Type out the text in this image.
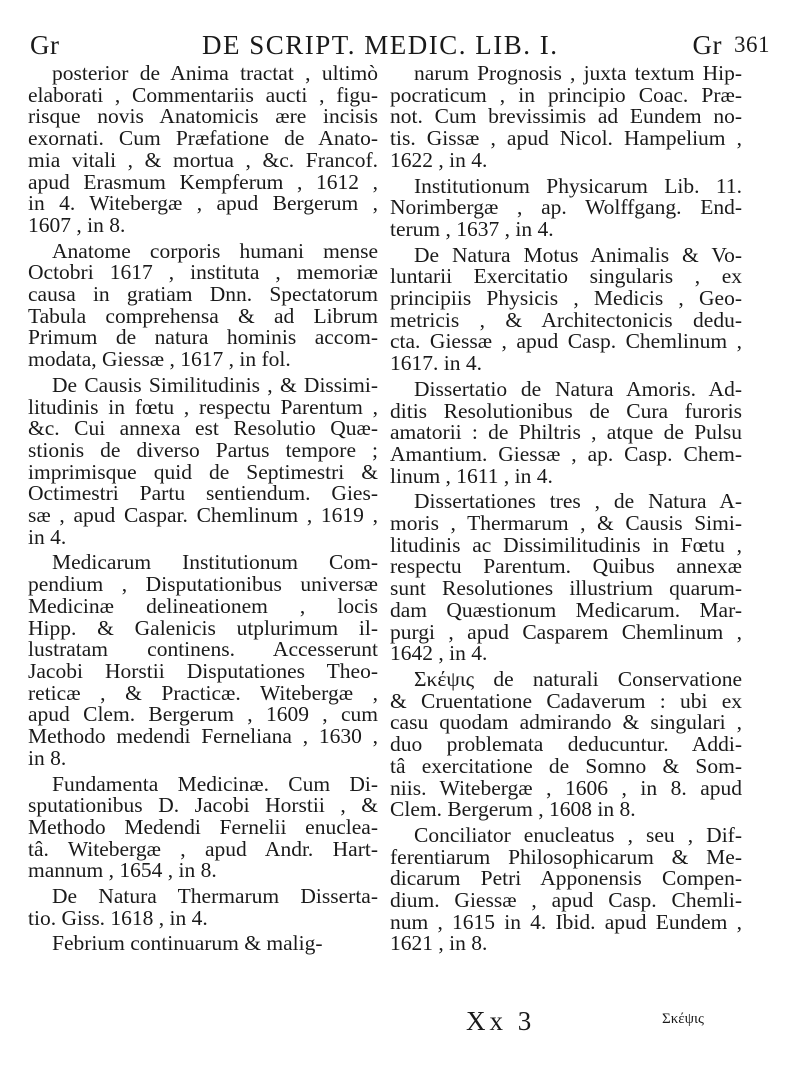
Gr	DE SCRIPT. MEDIC. LIB. I.	Gr 361
posterior de Anima tractat , ultimò
elaborati , Commentariis aucti , figu-
risque novis Anatomicis ære incisis
exornati. Cum Præfatione de Anato-
mia vitali , & mortua , &c. Francof.
apud Erasmum Kempferum , 1612 ,
in 4. Witebergæ , apud Bergerum ,
1607 , in 8.
Anatome corporis humani mense
Octobri 1617 , instituta , memoriæ
causa in gratiam Dnn. Spectatorum
Tabula comprehensa & ad Librum
Primum de natura hominis accom-
modata, Giessæ , 1617 , in fol.
De Causis Similitudinis , & Dissimi-
litudinis in fœtu , respectu Parentum ,
&c. Cui annexa est Resolutio Quæ-
stionis de diverso Partus tempore ;
imprimisque quid de Septimestri &
Octimestri Partu sentiendum. Gies-
sæ , apud Caspar. Chemlinum , 1619 ,
in 4.
Medicarum Institutionum Com-
pendium , Disputationibus universæ
Medicinæ delineationem , locis
Hipp. & Galenicis utplurimum il-
lustratam continens. Accesserunt
Jacobi Horstii Disputationes Theo-
reticæ , & Practicæ. Witebergæ ,
apud Clem. Bergerum , 1609 , cum
Methodo medendi Ferneliana , 1630 ,
in 8.
Fundamenta Medicinæ. Cum Di-
sputationibus D. Jacobi Horstii , &
Methodo Medendi Fernelii enuclea-
tâ. Witebergæ , apud Andr. Hart-
mannum , 1654 , in 8.
De Natura Thermarum Disserta-
tio. Giss. 1618 , in 4.
Febrium continuarum & malig-
narum Prognosis , juxta textum Hip-
pocraticum , in principio Coac. Præ-
not. Cum brevissimis ad Eundem no-
tis. Gissæ , apud Nicol. Hampelium ,
1622 , in 4.
Institutionum Physicarum Lib. 11.
Norimbergæ , ap. Wolffgang. End-
terum , 1637 , in 4.
De Natura Motus Animalis & Vo-
luntarii Exercitatio singularis , ex
principiis Physicis , Medicis , Geo-
metricis , & Architectonicis dedu-
cta. Giessæ , apud Casp. Chemlinum ,
1617. in 4.
Dissertatio de Natura Amoris. Ad-
ditis Resolutionibus de Cura furoris
amatorii : de Philtris , atque de Pulsu
Amantium. Giessæ , ap. Casp. Chem-
linum , 1611 , in 4.
Dissertationes tres , de Natura A-
moris , Thermarum , & Causis Simi-
litudinis ac Dissimilitudinis in Fœtu ,
respectu Parentum. Quibus annexæ
sunt Resolutiones illustrium quarum-
dam Quæstionum Medicarum. Mar-
purgi , apud Casparem Chemlinum ,
1642 , in 4.
Σκέψις de naturali Conservatione
& Cruentatione Cadaverum : ubi ex
casu quodam admirando & singulari ,
duo problemata deducuntur. Addi-
tâ exercitatione de Somno & Som-
niis. Witebergæ , 1606 , in 8. apud
Clem. Bergerum , 1608 in 8.
Conciliator enucleatus , seu , Dif-
ferentiarum Philosophicarum & Me-
dicarum Petri Apponensis Compen-
dium. Giessæ , apud Casp. Chemli-
num , 1615 in 4. Ibid. apud Eundem ,
1621 , in 8.
Xx 3	Σκέψις
